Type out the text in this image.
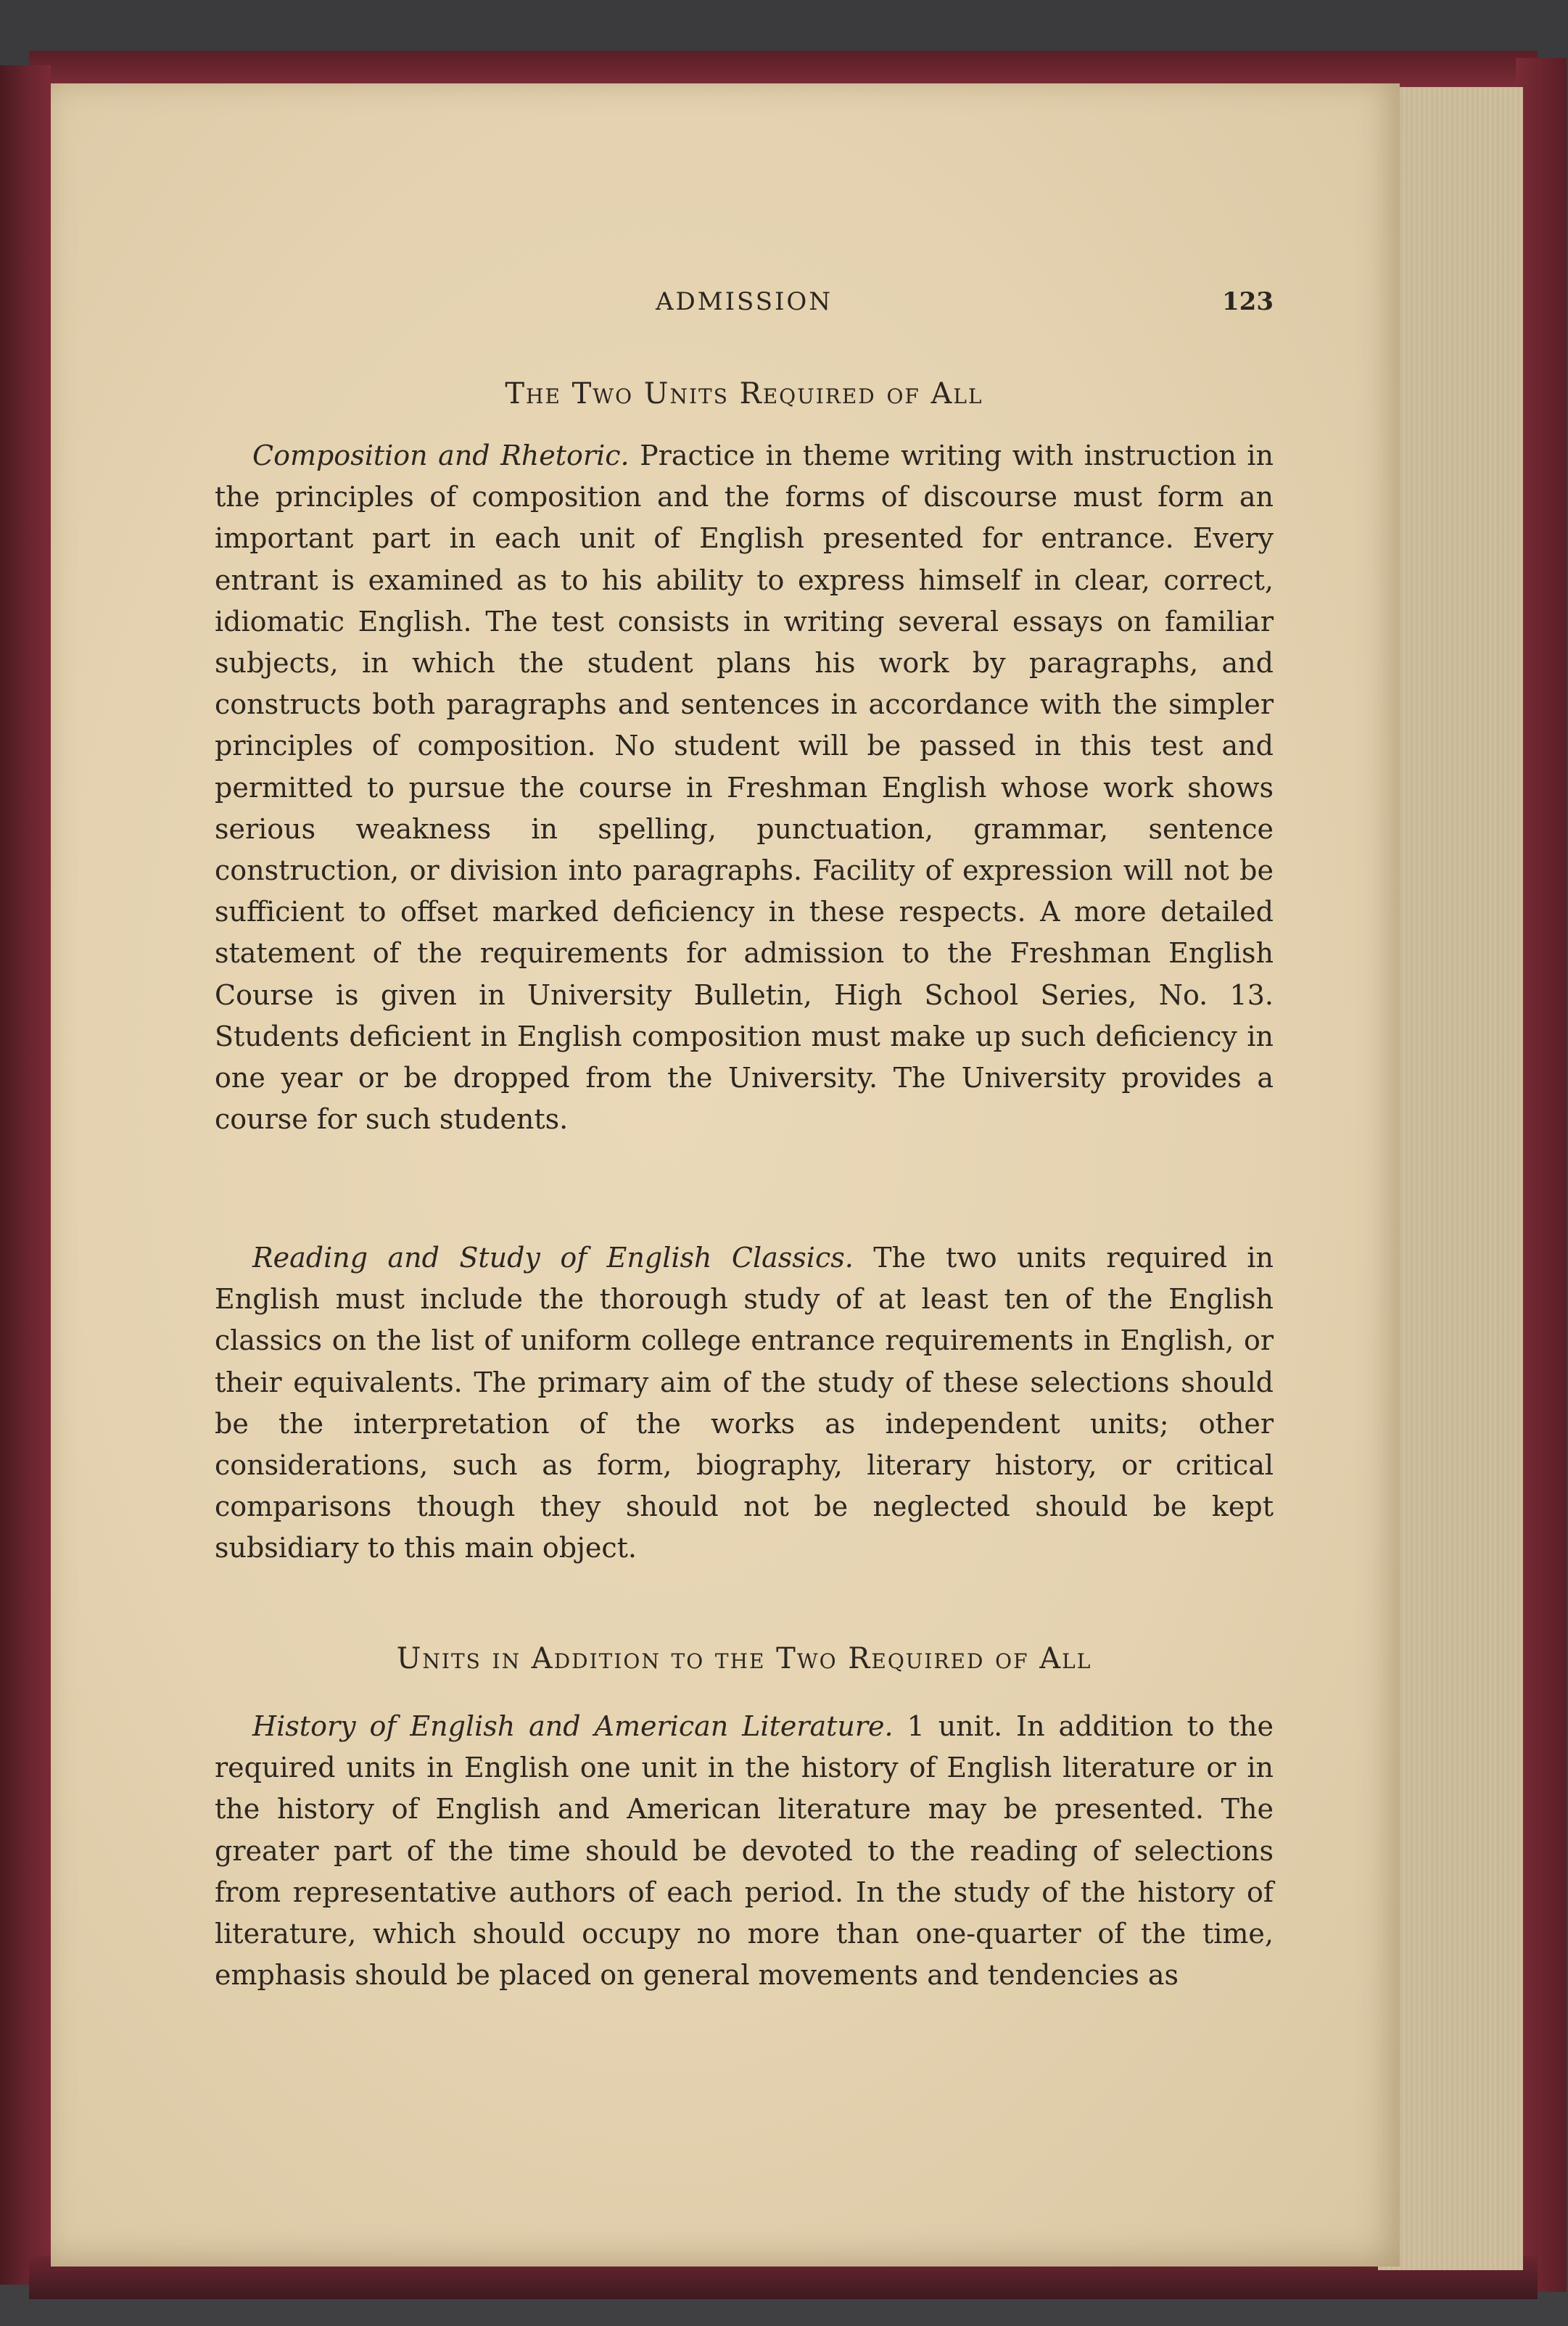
ADMISSION	123
The Two Units Required of All

Composition and Rhetoric. Practice in theme writing with instruction in the principles of composition and the forms of discourse must form an important part in each unit of English presented for entrance. Every entrant is examined as to his ability to express himself in clear, correct, idiomatic English. The test consists in writing several essays on familiar subjects, in which the student plans his work by paragraphs, and constructs both paragraphs and sentences in accordance with the simpler principles of composition. No student will be passed in this test and permitted to pursue the course in Freshman English whose work shows serious weakness in spelling, punctuation, grammar, sentence construction, or division into paragraphs. Facility of expression will not be sufficient to offset marked deficiency in these respects. A more detailed statement of the requirements for admission to the Freshman English Course is given in University Bulletin, High School Series, No. 13. Students deficient in English composition must make up such deficiency in one year or be dropped from the University. The University provides a course for such students.

Reading and Study of English Classics. The two units required in English must include the thorough study of at least ten of the English classics on the list of uniform college entrance requirements in English, or their equivalents. The primary aim of the study of these selections should be the interpretation of the works as independent units; other considerations, such as form, biography, literary history, or critical comparisons though they should not be neglected should be kept subsidiary to this main object.

Units in Addition to the Two Required of All

History of English and American Literature. 1 unit. In addition to the required units in English one unit in the history of English literature or in the history of English and American literature may be presented. The greater part of the time should be devoted to the reading of selections from representative authors of each period. In the study of the history of literature, which should occupy no more than one-quarter of the time, emphasis should be placed on general movements and tendencies as
